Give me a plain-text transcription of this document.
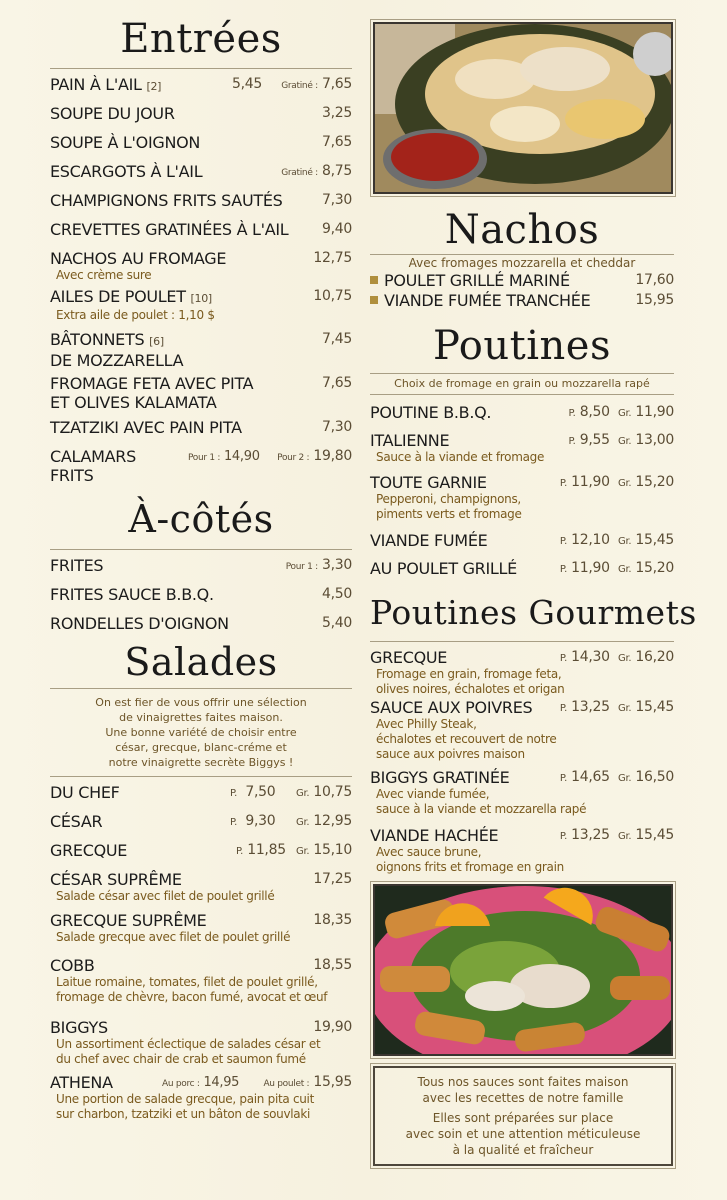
Entrées
PAIN À L'AIL [2]	5,45 Gratiné : 7,65
SOUPE DU JOUR	3,25
SOUPE À L'OIGNON	7,65
ESCARGOTS À L'AIL	Gratiné : 8,75
CHAMPIGNONS FRITS SAUTÉS	7,30
CREVETTES GRATINÉES À L'AIL 9,40
NACHOS AU FROMAGE	12,75
Avec crème sure
AILES DE POULET [10]	10,75
Extra aile de poulet : 1,10 $
BÂTONNETS [6]	7,45
DE MOZZARELLA
FROMAGE FETA AVEC PITA	7,65
ET OLIVES KALAMATA
TZATZIKI AVEC PAIN PITA	7,30
CALAMARS	Pour 1 : 14,90 Pour 2 : 19,80
FRITS
À-côtés
FRITES	Pour 1 : 3,30
FRITES SAUCE B.B.Q.	4,50
RONDELLES D'OIGNON	5,40
Salades
On est fier de vous offrir une sélection
de vinaigrettes faites maison.
Une bonne variété de choisir entre
césar, grecque, blanc-créme et
notre vinaigrette secrète Biggys !
DU CHEF	P. 7,50 Gr. 10,75
CÉSAR	P. 9,30 Gr. 12,95
GRECQUE	P. 11,85 Gr. 15,10
CÉSAR SUPRÊME	17,25
Salade césar avec filet de poulet grillé
GRECQUE SUPRÊME	18,35
Salade grecque avec filet de poulet grillé
COBB	18,55
Laitue romaine, tomates, filet de poulet grillé,
fromage de chèvre, bacon fumé, avocat et œuf
BIGGYS	19,90
Un assortiment éclectique de salades césar et
du chef avec chair de crab et saumon fumé
ATHENA	Au porc : 14,95	Au poulet : 15,95
Une portion de salade grecque, pain pita cuit
sur charbon, tzatziki et un bâton de souvlaki
Nachos
Avec fromages mozzarella et cheddar
POULET GRILLÉ MARINÉ	17,60
VIANDE FUMÉE TRANCHÉE	15,95
Poutines
Choix de fromage en grain ou mozzarella rapé
POUTINE B.B.Q.	P. 8,50 Gr. 11,90
ITALIENNE	P. 9,55 Gr. 13,00
Sauce à la viande et fromage
TOUTE GARNIE	P. 11,90 Gr. 15,20
Pepperoni, champignons,
piments verts et fromage
VIANDE FUMÉE	P. 12,10 Gr. 15,45
AU POULET GRILLÉ	P. 11,90 Gr. 15,20
Poutines Gourmets
GRECQUE	P. 14,30 Gr. 16,20
Fromage en grain, fromage feta,
olives noires, échalotes et origan
SAUCE AUX POIVRES	P. 13,25 Gr. 15,45
Avec Philly Steak,
échalotes et recouvert de notre
sauce aux poivres maison
BIGGYS GRATINÉE	P. 14,65 Gr. 16,50
Avec viande fumée,
sauce à la viande et mozzarella rapé
VIANDE HACHÉE	P. 13,25 Gr. 15,45
Avec sauce brune,
oignons frits et fromage en grain
Tous nos sauces sont faites maison
avec les recettes de notre famille
Elles sont préparées sur place
avec soin et une attention méticuleuse
à la qualité et fraîcheur
